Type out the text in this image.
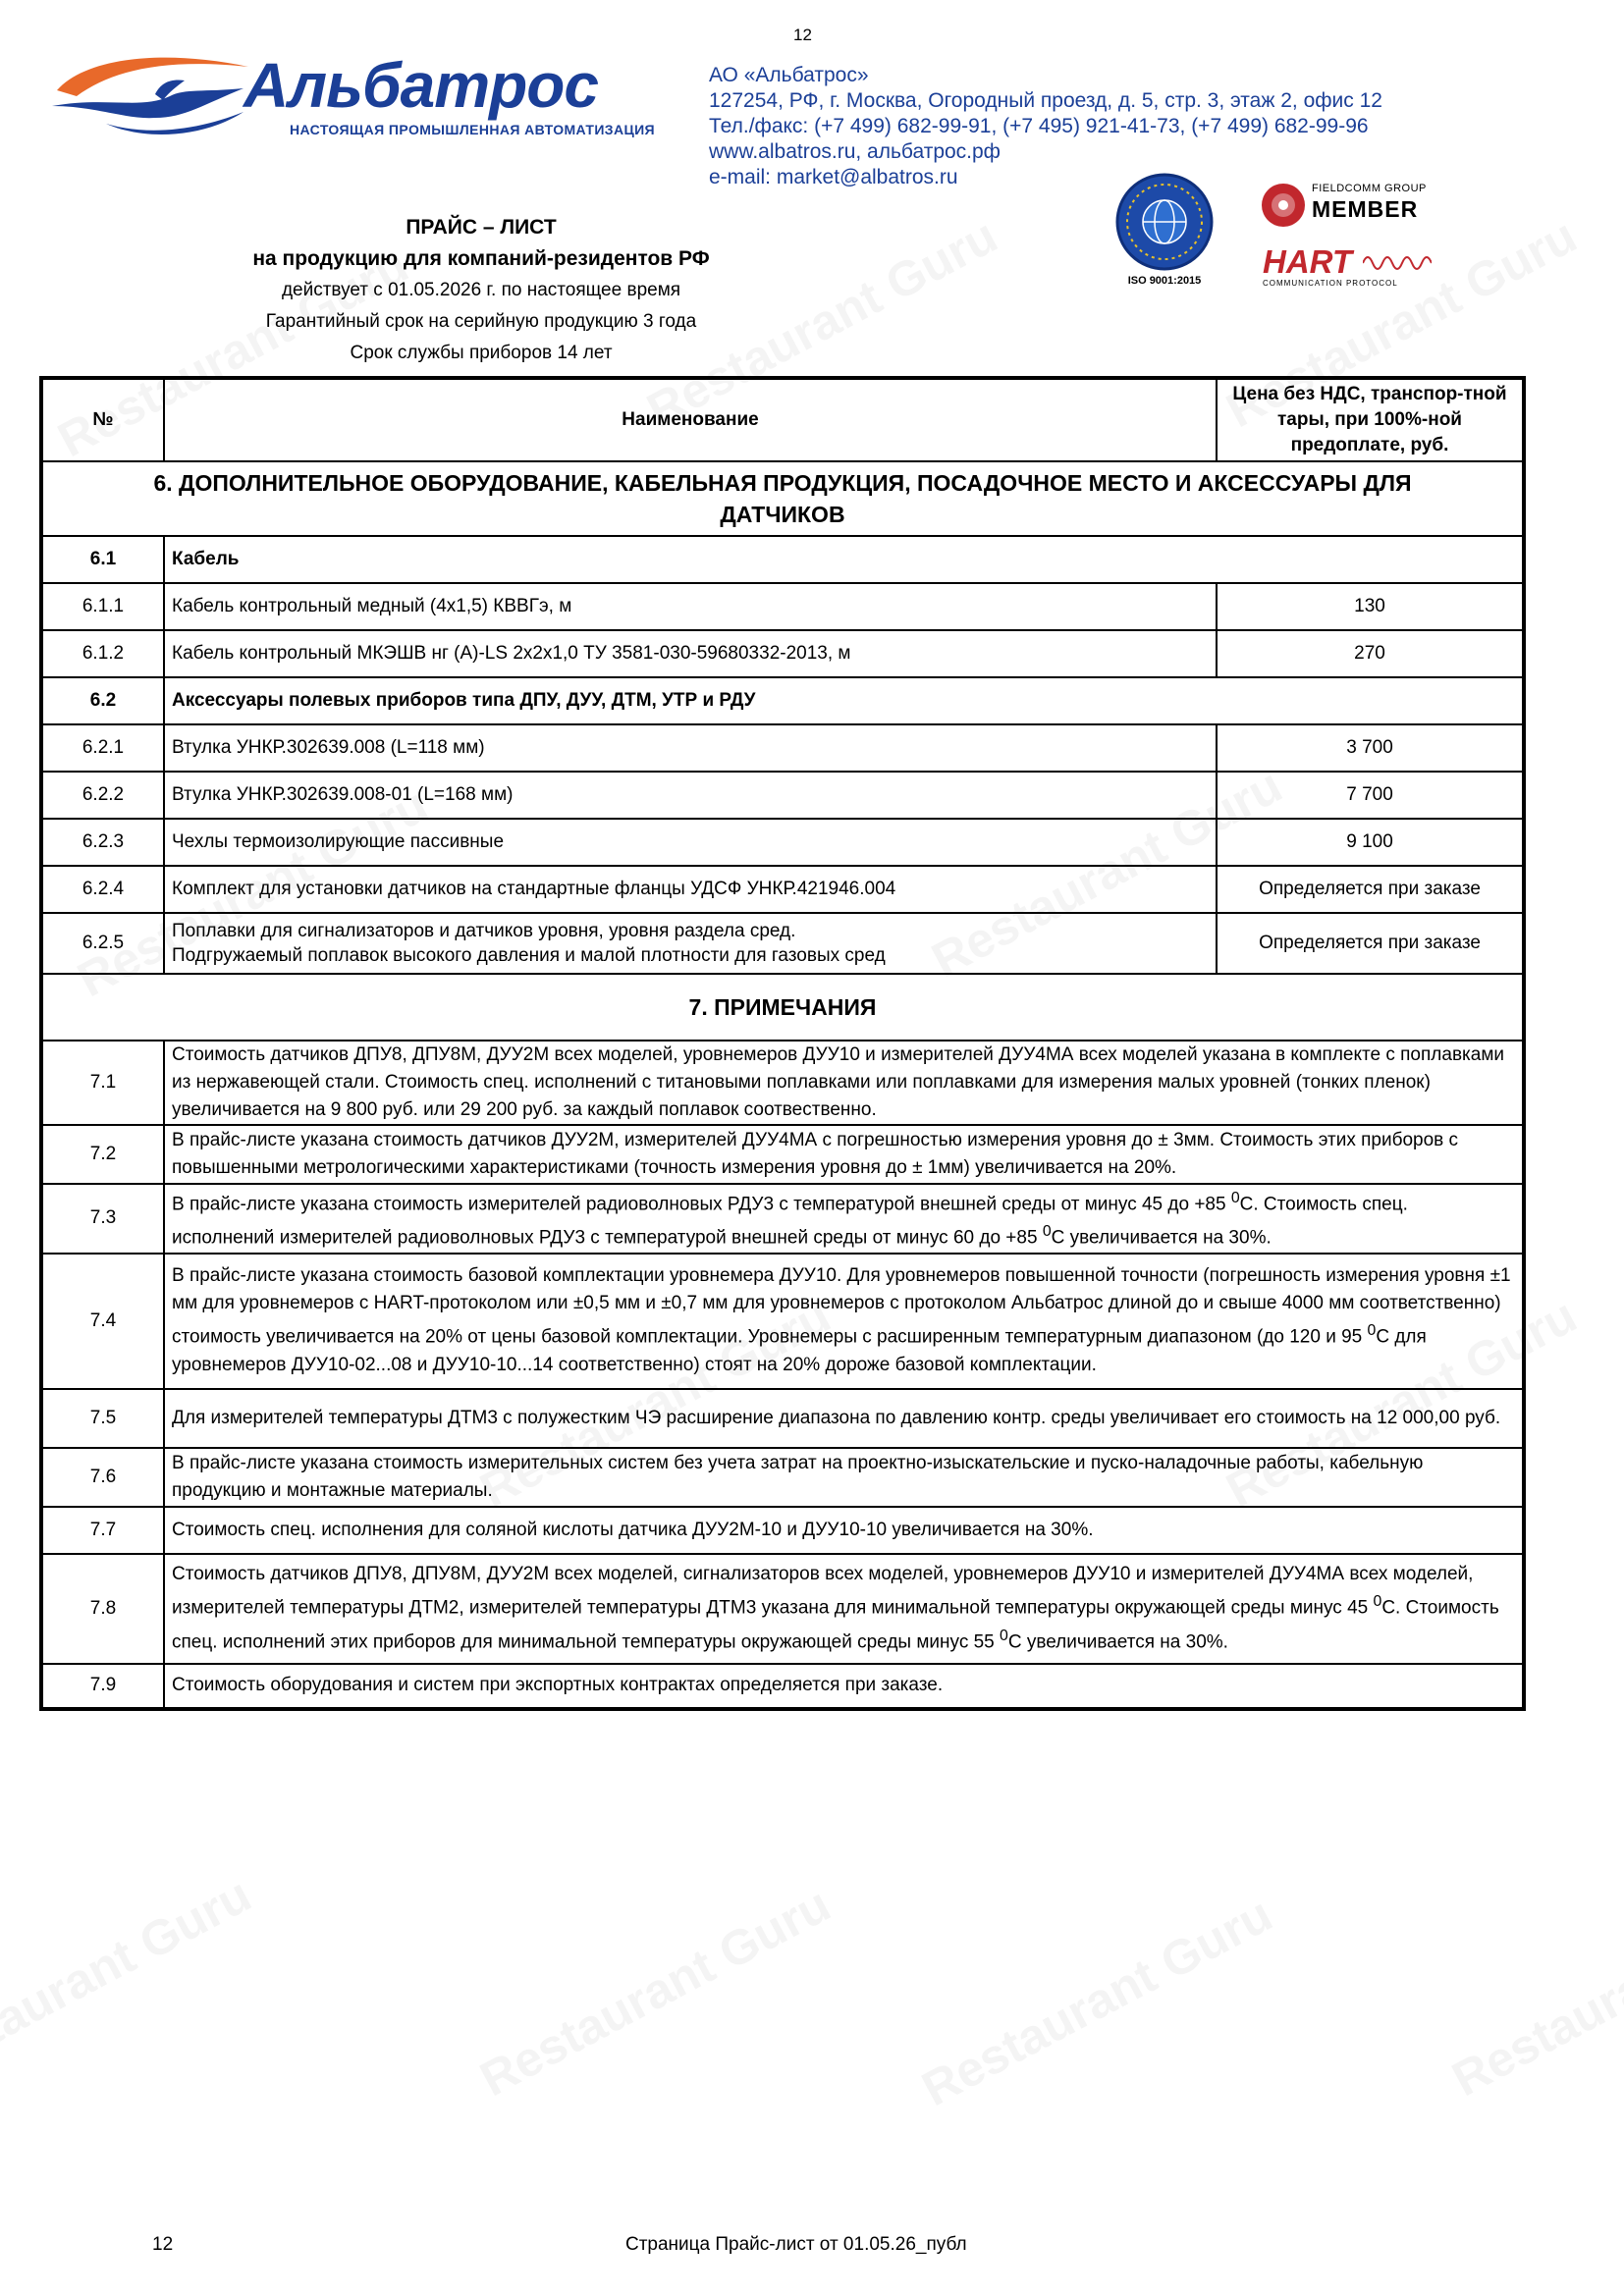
12
Альбатрос
НАСТОЯЩАЯ ПРОМЫШЛЕННАЯ АВТОМАТИЗАЦИЯ
АО «Альбатрос»
127254, РФ, г. Москва, Огородный проезд, д. 5, стр. 3, этаж 2, офис 12
Тел./факс: (+7 499) 682-99-91, (+7 495) 921-41-73, (+7 499) 682-99-96
www.albatros.ru, альбатрос.рф
e-mail: market@albatros.ru
ISO 9001:2015
FIELDCOMM GROUP
MEMBER
HART
COMMUNICATION PROTOCOL
ПРАЙС – ЛИСТ
на продукцию для компаний-резидентов РФ
действует с 01.05.2026 г. по настоящее время
Гарантийный срок на серийную продукцию 3 года
Срок службы приборов 14 лет
№	Наименование	Цена без НДС, транспор-тной тары, при 100%-ной предоплате, руб.
6. ДОПОЛНИТЕЛЬНОЕ ОБОРУДОВАНИЕ, КАБЕЛЬНАЯ ПРОДУКЦИЯ, ПОСАДОЧНОЕ МЕСТО И АКСЕССУАРЫ ДЛЯ ДАТЧИКОВ		
6.1	Кабель	
6.1.1	Кабель контрольный медный (4х1,5) КВВГэ, м	130
6.1.2	Кабель контрольный МКЭШВ нг (А)-LS 2х2х1,0 ТУ 3581-030-59680332-2013, м	270
6.2	Аксессуары полевых приборов типа ДПУ, ДУУ, ДТМ, УТР и РДУ	
6.2.1	Втулка УНКР.302639.008 (L=118 мм)	3 700
6.2.2	Втулка УНКР.302639.008-01 (L=168 мм)	7 700
6.2.3	Чехлы термоизолирующие пассивные	9 100
6.2.4	Комплект для установки датчиков на стандартные фланцы УДСФ УНКР.421946.004	Определяется при заказе
6.2.5	Поплавки для сигнализаторов и датчиков уровня, уровня раздела сред.
Подгружаемый поплавок высокого давления и малой плотности для газовых сред	Определяется при заказе
7. ПРИМЕЧАНИЯ		
7.1	Стоимость датчиков ДПУ8, ДПУ8М, ДУУ2М всех моделей, уровнемеров ДУУ10 и измерителей ДУУ4МА всех моделей указана в комплекте с поплавками из нержавеющей стали. Стоимость спец. исполнений с титановыми поплавками или поплавками для измерения малых уровней (тонких пленок) увеличивается на 9 800 руб. или 29 200 руб. за каждый поплавок соотвественно.	
7.2	В прайс-листе указана стоимость датчиков ДУУ2М, измерителей ДУУ4МА с погрешностью измерения уровня до ± 3мм. Стоимость этих приборов с повышенными метрологическими характеристиками (точность измерения уровня до ± 1мм) увеличивается на 20%.	
7.3	В прайс-листе указана стоимость измерителей радиоволновых РДУ3 с температурой внешней среды от минус 45 до +85 $^0$С. Стоимость спец. исполнений измерителей радиоволновых РДУ3 с температурой внешней среды от минус 60 до +85 $^0$С увеличивается на 30%.	
7.4	В прайс-листе указана стоимость базовой комплектации уровнемера ДУУ10. Для уровнемеров повышенной точности (погрешность измерения уровня ±1 мм для уровнемеров с HART-протоколом или ±0,5 мм и ±0,7 мм для уровнемеров с протоколом Альбатрос длиной до и свыше 4000 мм соответственно) стоимость увеличивается на 20% от цены базовой комплектации. Уровнемеры с расширенным температурным диапазоном (до 120 и 95 $^0$С для уровнемеров ДУУ10-02...08 и ДУУ10-10...14 соответственно) стоят на 20% дороже базовой комплектации.	
7.5	Для измерителей температуры ДТМ3 с полужестким ЧЭ расширение диапазона по давлению контр. среды увеличивает его стоимость на 12 000,00 руб.	
7.6	В прайс-листе указана стоимость измерительных систем без учета затрат на проектно-изыскательские и пуско-наладочные работы, кабельную продукцию и монтажные материалы.	
7.7	Стоимость спец. исполнения для соляной кислоты датчика ДУУ2М-10 и ДУУ10-10 увеличивается на 30%.	
7.8	Стоимость датчиков ДПУ8, ДПУ8М, ДУУ2М всех моделей, сигнализаторов всех моделей, уровнемеров ДУУ10 и измерителей ДУУ4МА всех моделей, измерителей температуры ДТМ2, измерителей температуры ДТМ3 указана для минимальной температуры окружающей среды минус 45 $^0$С. Стоимость спец. исполнений этих приборов для минимальной температуры окружающей среды минус 55 $^0$С увеличивается на 30%.	
7.9	Стоимость оборудования и систем при экспортных контрактах определяется при заказе.	
12	Страница Прайс-лист от 01.05.26_публ
